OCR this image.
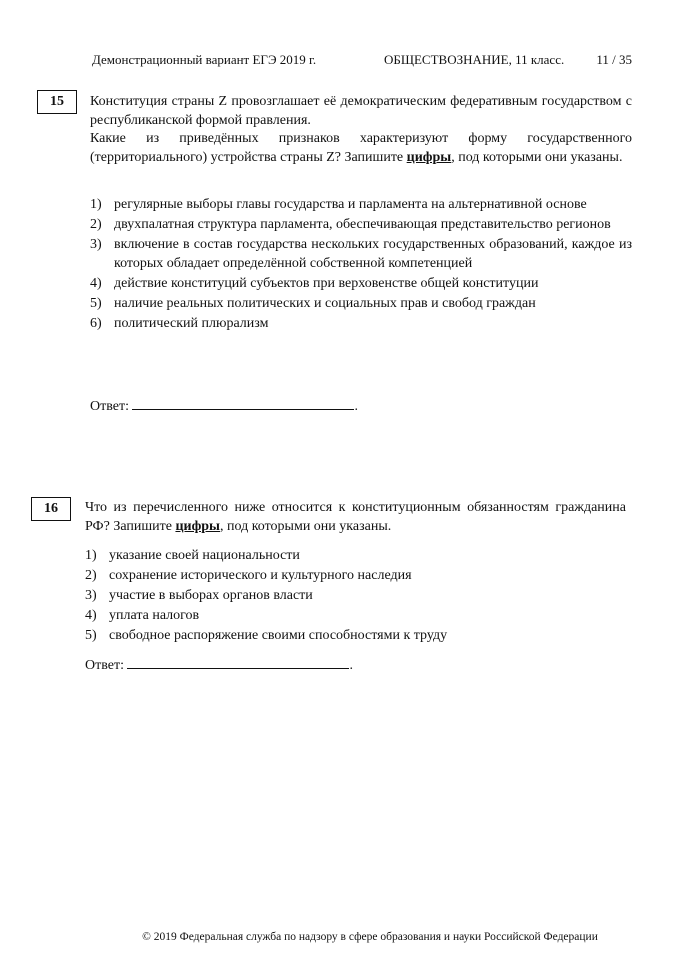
Демонстрационный вариант ЕГЭ 2019 г.	ОБЩЕСТВОЗНАНИЕ, 11 класс. 11 / 35
15	Конституция страны Z провозглашает её демократическим федеративным государством с республиканской формой правления.
Какие из приведённых признаков характеризуют форму государственного (территориального) устройства страны Z? Запишите цифры, под которыми они указаны.
1) регулярные выборы главы государства и парламента на альтернативной основе
2) двухпалатная структура парламента, обеспечивающая представительство регионов
3) включение в состав государства нескольких государственных образований, каждое из которых обладает определённой собственной компетенцией
4) действие конституций субъектов при верховенстве общей конституции
5) наличие реальных политических и социальных прав и свобод граждан
6) политический плюрализм
Ответ:	.
16	Что из перечисленного ниже относится к конституционным обязанностям гражданина РФ? Запишите цифры, под которыми они указаны.
1) указание своей национальности
2) сохранение исторического и культурного наследия
3) участие в выборах органов власти
4) уплата налогов
5) свободное распоряжение своими способностями к труду
Ответ:	.
© 2019 Федеральная служба по надзору в сфере образования и науки Российской Федерации
